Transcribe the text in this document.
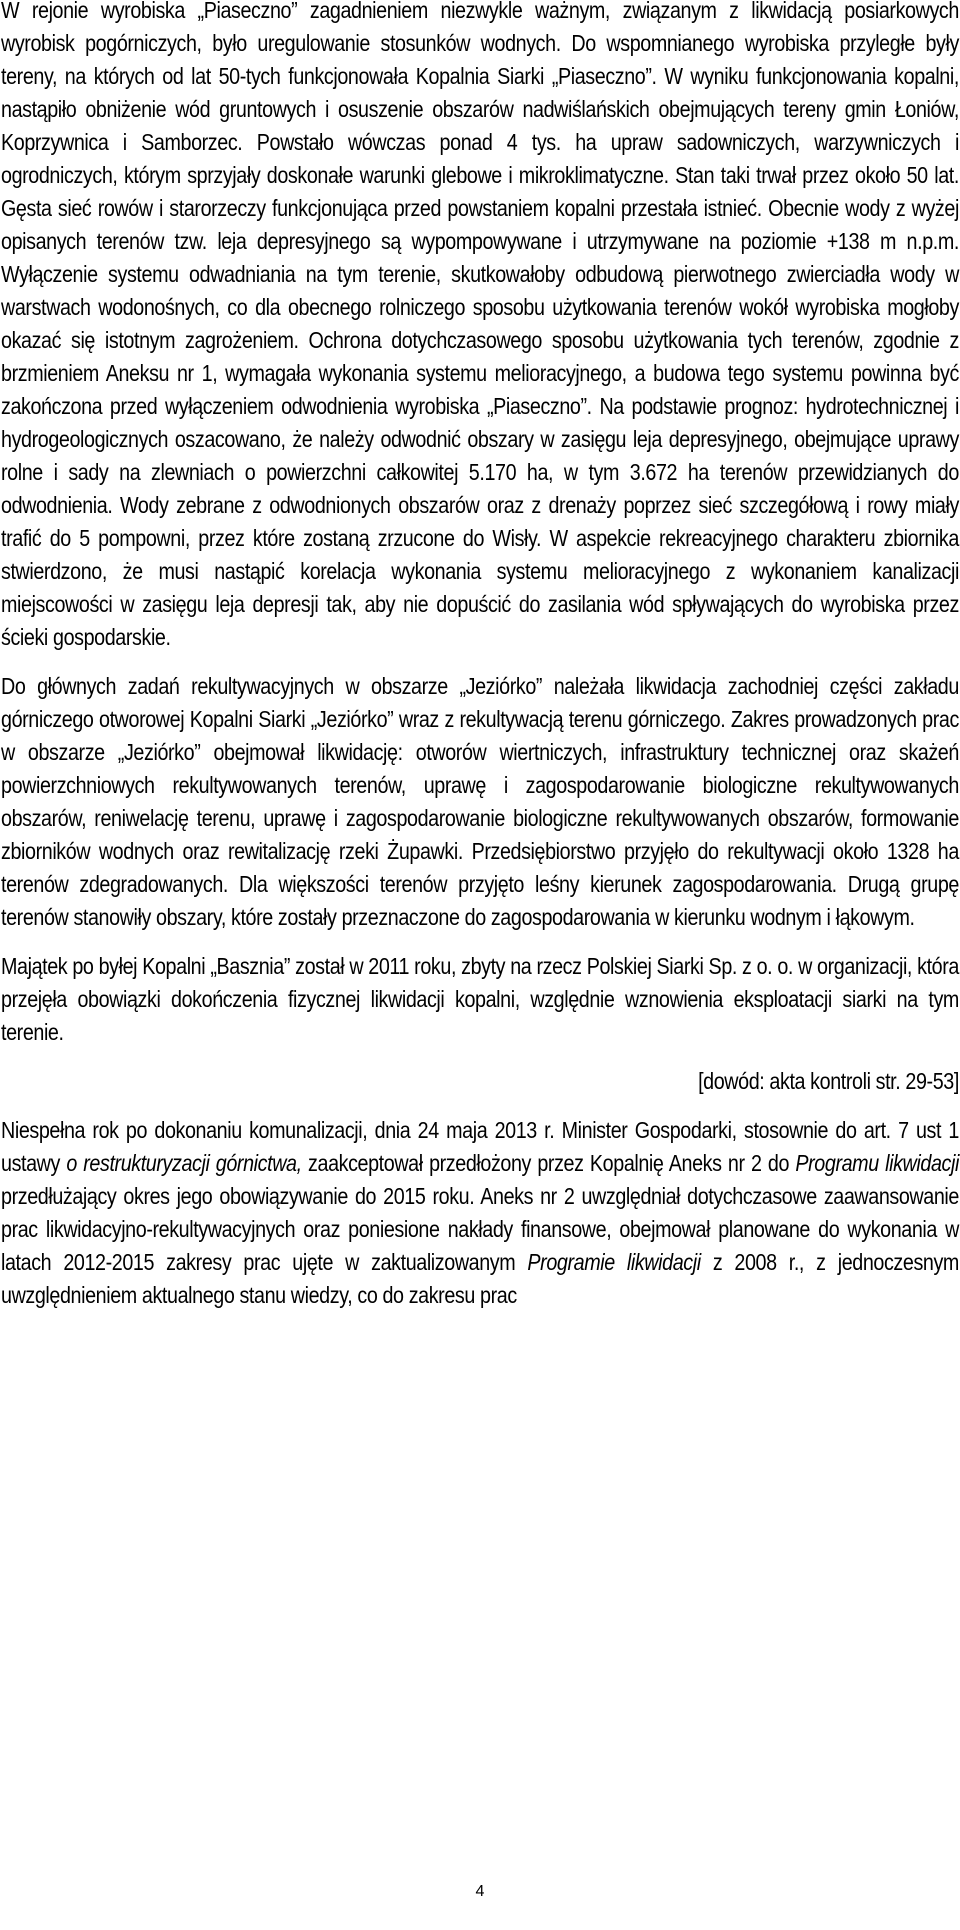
W rejonie wyrobiska „Piaseczno” zagadnieniem niezwykle ważnym, związanym z likwidacją posiarkowych wyrobisk pogórniczych, było uregulowanie stosunków wodnych. Do wspomnianego wyrobiska przyległe były tereny, na których od lat 50-tych funkcjonowała Kopalnia Siarki „Piaseczno”. W wyniku funkcjonowania kopalni, nastąpiło obniżenie wód gruntowych i osuszenie obszarów nadwiślańskich obejmujących tereny gmin Łoniów, Koprzywnica i Samborzec. Powstało wówczas ponad 4 tys. ha upraw sadowniczych, warzywniczych i ogrodniczych, którym sprzyjały doskonałe warunki glebowe i mikroklimatyczne. Stan taki trwał przez około 50 lat. Gęsta sieć rowów i starorzeczy funkcjonująca przed powstaniem kopalni przestała istnieć. Obecnie wody z wyżej opisanych terenów tzw. leja depresyjnego są wypompowywane i utrzymywane na poziomie +138 m n.p.m. Wyłączenie systemu odwadniania na tym terenie, skutkowałoby odbudową pierwotnego zwierciadła wody w warstwach wodonośnych, co dla obecnego rolniczego sposobu użytkowania terenów wokół wyrobiska mogłoby okazać się istotnym zagrożeniem. Ochrona dotychczasowego sposobu użytkowania tych terenów, zgodnie z brzmieniem Aneksu nr 1, wymagała wykonania systemu melioracyjnego, a budowa tego systemu powinna być zakończona przed wyłączeniem odwodnienia wyrobiska „Piaseczno”. Na podstawie prognoz: hydrotechnicznej i hydrogeologicznych oszacowano, że należy odwodnić obszary w zasięgu leja depresyjnego, obejmujące uprawy rolne i sady na zlewniach o powierzchni całkowitej 5.170 ha, w tym 3.672 ha terenów przewidzianych do odwodnienia. Wody zebrane z odwodnionych obszarów oraz z drenaży poprzez sieć szczegółową i rowy miały trafić do 5 pompowni, przez które zostaną zrzucone do Wisły. W aspekcie rekreacyjnego charakteru zbiornika stwierdzono, że musi nastąpić korelacja wykonania systemu melioracyjnego z wykonaniem kanalizacji miejscowości w zasięgu leja depresji tak, aby nie dopuścić do zasilania wód spływających do wyrobiska przez ścieki gospodarskie.

Do głównych zadań rekultywacyjnych w obszarze „Jeziórko” należała likwidacja zachodniej części zakładu górniczego otworowej Kopalni Siarki „Jeziórko” wraz z rekultywacją terenu górniczego. Zakres prowadzonych prac w obszarze „Jeziórko” obejmował likwidację: otworów wiertniczych, infrastruktury technicznej oraz skażeń powierzchniowych rekultywowanych terenów, uprawę i zagospodarowanie biologiczne rekultywowanych obszarów, reniwelację terenu, uprawę i zagospodarowanie biologiczne rekultywowanych obszarów, formowanie zbiorników wodnych oraz rewitalizację rzeki Żupawki. Przedsiębiorstwo przyjęło do rekultywacji około 1328 ha terenów zdegradowanych. Dla większości terenów przyjęto leśny kierunek zagospodarowania. Drugą grupę terenów stanowiły obszary, które zostały przeznaczone do zagospodarowania w kierunku wodnym i łąkowym.

Majątek po byłej Kopalni „Basznia” został w 2011 roku, zbyty na rzecz Polskiej Siarki Sp. z o. o. w organizacji, która przejęła obowiązki dokończenia fizycznej likwidacji kopalni, względnie wznowienia eksploatacji siarki na tym terenie.

[dowód: akta kontroli str. 29-53]

Niespełna rok po dokonaniu komunalizacji, dnia 24 maja 2013 r. Minister Gospodarki, stosownie do art. 7 ust 1 ustawy o restrukturyzacji górnictwa, zaakceptował przedłożony przez Kopalnię Aneks nr 2 do Programu likwidacji przedłużający okres jego obowiązywanie do 2015 roku. Aneks nr 2 uwzględniał dotychczasowe zaawansowanie prac likwidacyjno-rekultywacyjnych oraz poniesione nakłady finansowe, obejmował planowane do wykonania w latach 2012-2015 zakresy prac ujęte w zaktualizowanym Programie likwidacji z 2008 r., z jednoczesnym uwzględnieniem aktualnego stanu wiedzy, co do zakresu prac

4
